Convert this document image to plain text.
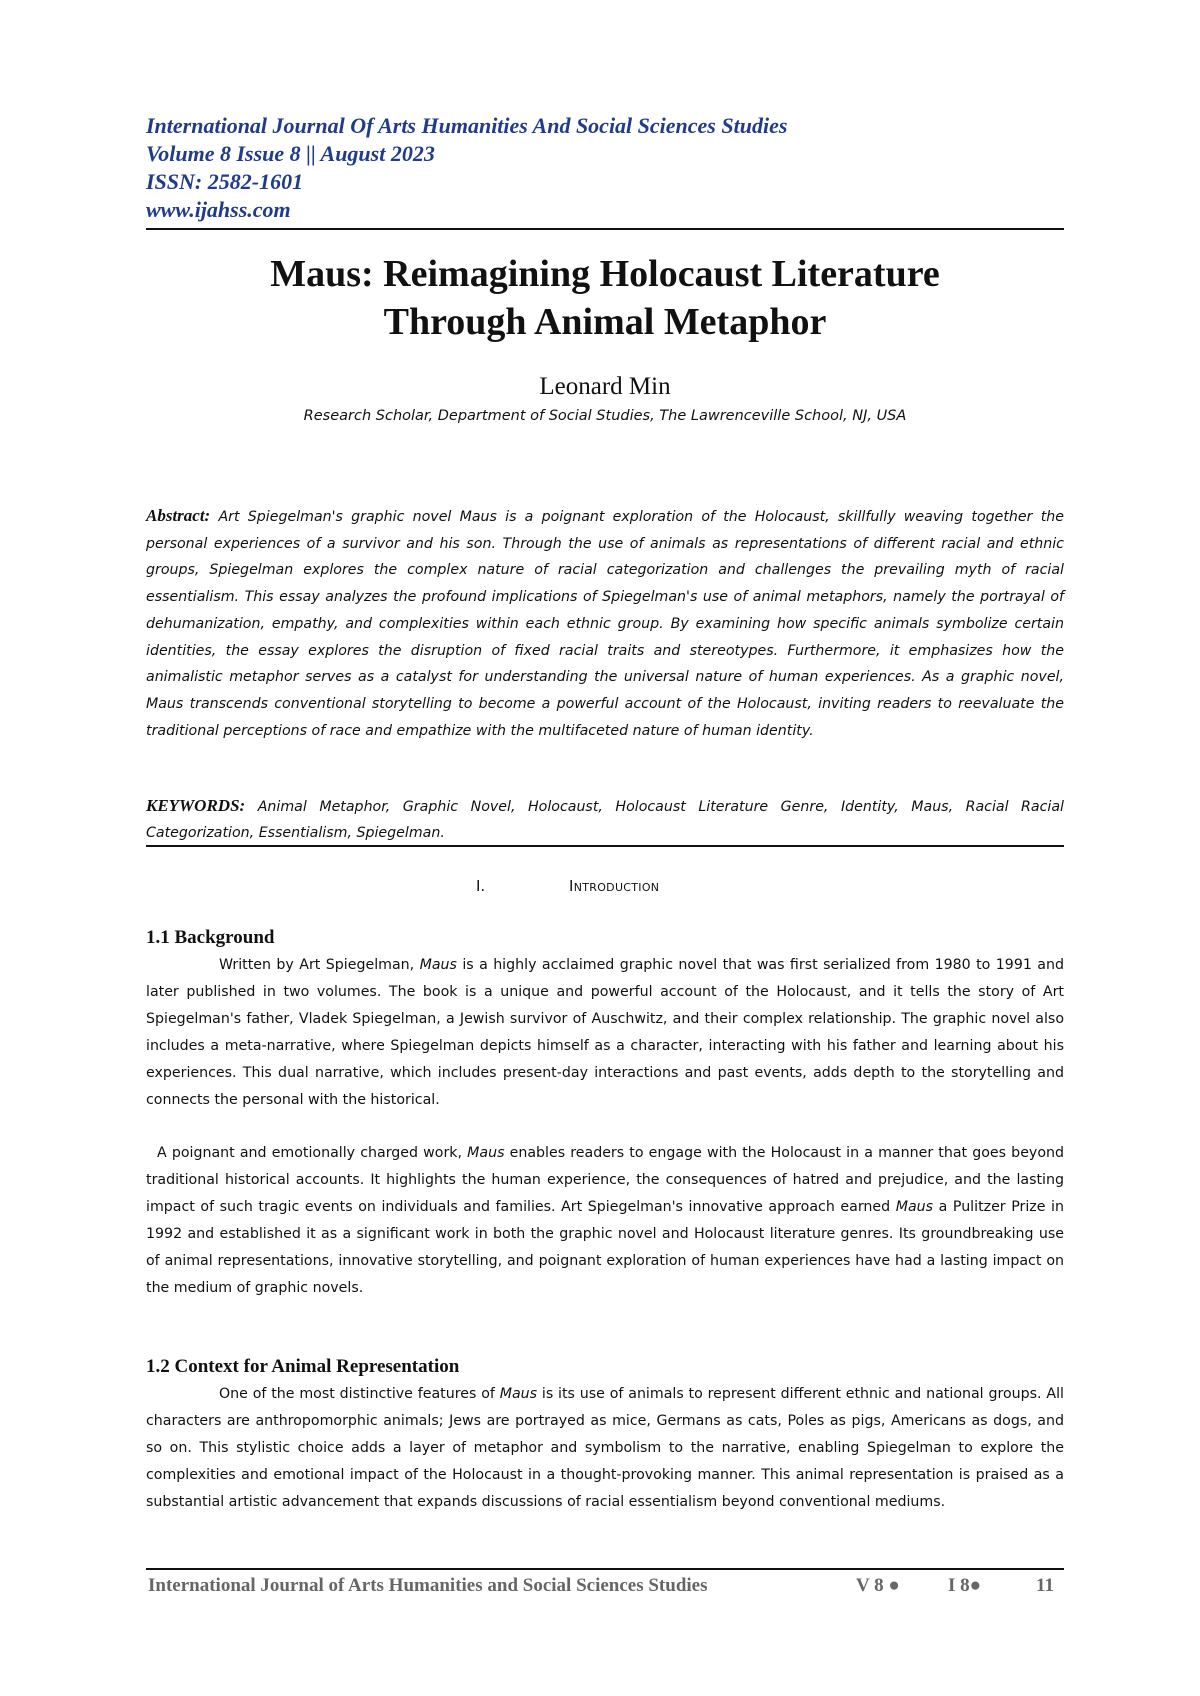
International Journal Of Arts Humanities And Social Sciences Studies
Volume 8 Issue 8 || August 2023
ISSN: 2582-1601
www.ijahss.com
Maus: Reimagining Holocaust Literature
Through Animal Metaphor
Leonard Min
Research Scholar, Department of Social Studies, The Lawrenceville School, NJ, USA

Abstract: Art Spiegelman's graphic novel Maus is a poignant exploration of the Holocaust, skillfully weaving together the personal experiences of a survivor and his son. Through the use of animals as representations of different racial and ethnic groups, Spiegelman explores the complex nature of racial categorization and challenges the prevailing myth of racial essentialism. This essay analyzes the profound implications of Spiegelman's use of animal metaphors, namely the portrayal of dehumanization, empathy, and complexities within each ethnic group. By examining how specific animals symbolize certain identities, the essay explores the disruption of fixed racial traits and stereotypes. Furthermore, it emphasizes how the animalistic metaphor serves as a catalyst for understanding the universal nature of human experiences. As a graphic novel, Maus transcends conventional storytelling to become a powerful account of the Holocaust, inviting readers to reevaluate the traditional perceptions of race and empathize with the multifaceted nature of human identity.

KEYWORDS: Animal Metaphor, Graphic Novel, Holocaust, Holocaust Literature Genre, Identity, Maus, Racial Racial Categorization, Essentialism, Spiegelman.

I.	Introduction
1.1 Background

Written by Art Spiegelman, Maus is a highly acclaimed graphic novel that was first serialized from 1980 to 1991 and later published in two volumes. The book is a unique and powerful account of the Holocaust, and it tells the story of Art Spiegelman's father, Vladek Spiegelman, a Jewish survivor of Auschwitz, and their complex relationship. The graphic novel also includes a meta-narrative, where Spiegelman depicts himself as a character, interacting with his father and learning about his experiences. This dual narrative, which includes present-day interactions and past events, adds depth to the storytelling and connects the personal with the historical.

A poignant and emotionally charged work, Maus enables readers to engage with the Holocaust in a manner that goes beyond traditional historical accounts. It highlights the human experience, the consequences of hatred and prejudice, and the lasting impact of such tragic events on individuals and families. Art Spiegelman's innovative approach earned Maus a Pulitzer Prize in 1992 and established it as a significant work in both the graphic novel and Holocaust literature genres. Its groundbreaking use of animal representations, innovative storytelling, and poignant exploration of human experiences have had a lasting impact on the medium of graphic novels.

1.2 Context for Animal Representation

One of the most distinctive features of Maus is its use of animals to represent different ethnic and national groups. All characters are anthropomorphic animals; Jews are portrayed as mice, Germans as cats, Poles as pigs, Americans as dogs, and so on. This stylistic choice adds a layer of metaphor and symbolism to the narrative, enabling Spiegelman to explore the complexities and emotional impact of the Holocaust in a thought-provoking manner. This animal representation is praised as a substantial artistic advancement that expands discussions of racial essentialism beyond conventional mediums.

International Journal of Arts Humanities and Social Sciences Studies	V 8 ●	I 8●	11
